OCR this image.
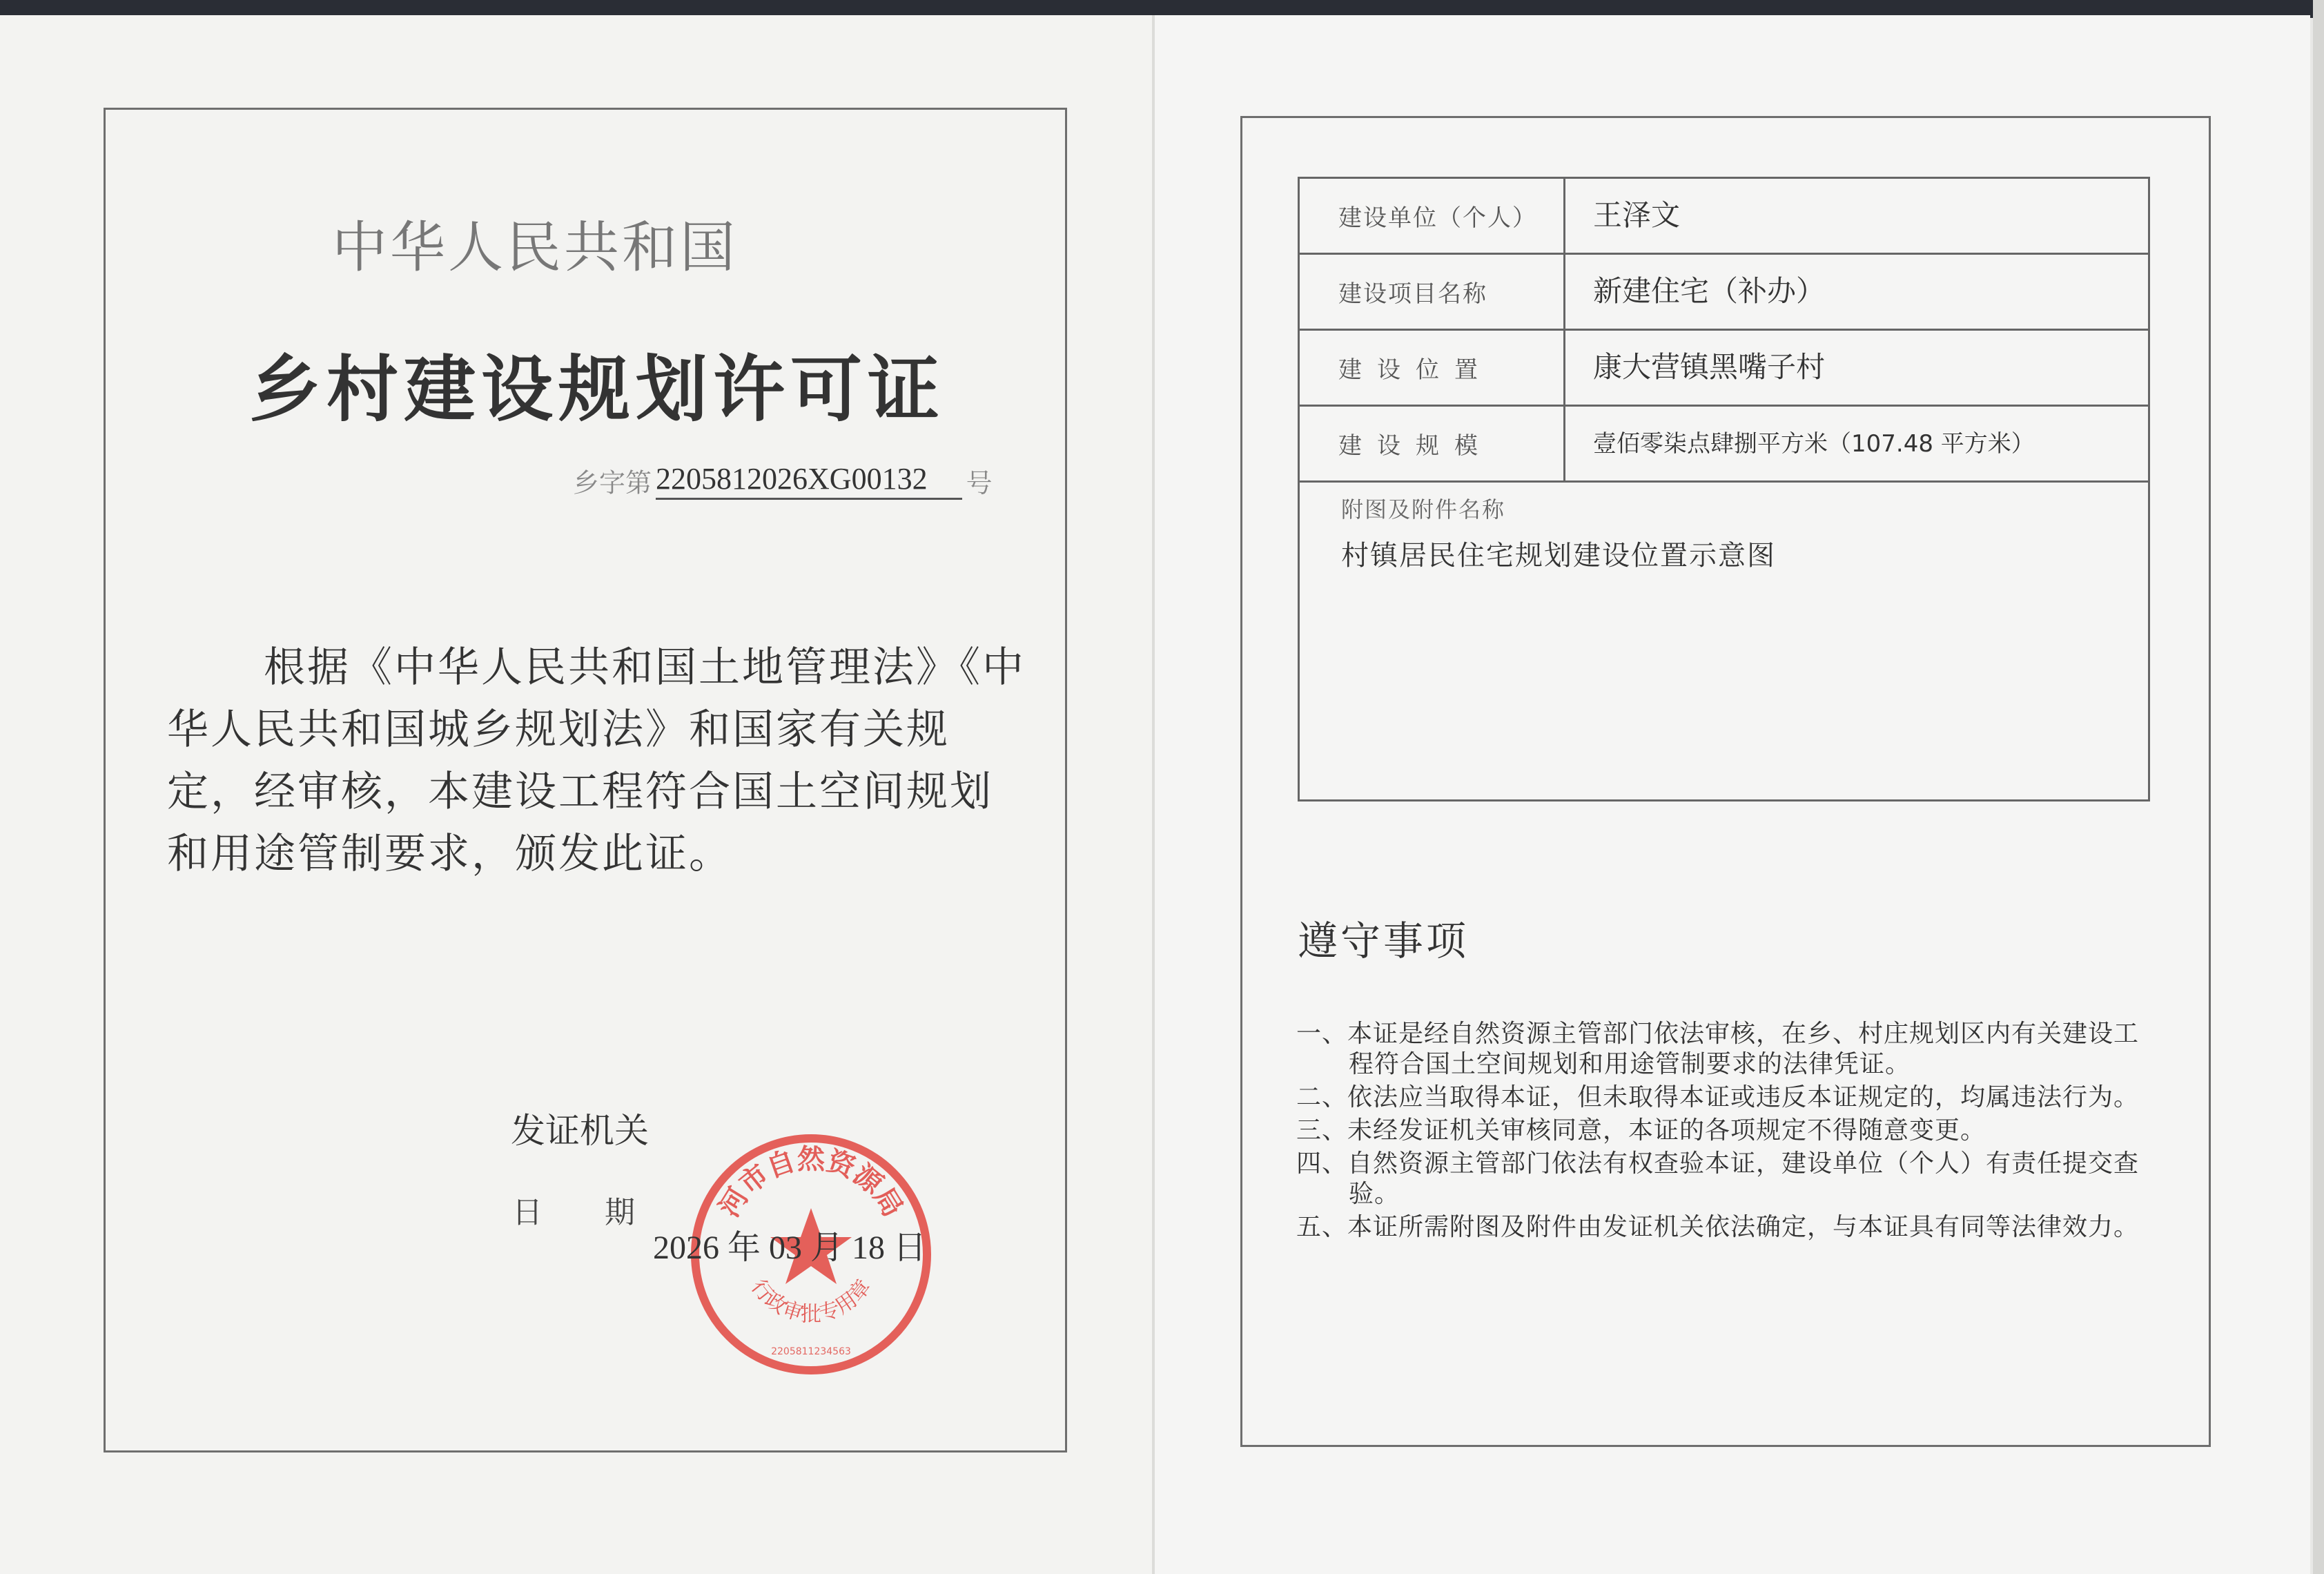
中华人民共和国
乡村建设规划许可证
乡字第 2205812026XG00132 号
根据《中华人民共和国土地管理法》《中华人民共和国城乡规划法》和国家有关规定，经审核，本建设工程符合国土空间规划和用途管制要求，颁发此证。
发证机关
日期 河市自然资源局
行政审批专用章
2205811234563
2026 年 03 月 18 日
建设单位（个人）	王泽文
建设项目名称	新建住宅（补办）
建设位置	康大营镇黑嘴子村
建设规模	壹佰零柒点肆捌平方米（107.48 平方米）

附图及附件名称
村镇居民住宅规划建设位置示意图	
遵守事项
一、本证是经自然资源主管部门依法审核，在乡、村庄规划区内有关建设工程符合国土空间规划和用途管制要求的法律凭证。
二、依法应当取得本证，但未取得本证或违反本证规定的，均属违法行为。
三、未经发证机关审核同意，本证的各项规定不得随意变更。
四、自然资源主管部门依法有权查验本证，建设单位（个人）有责任提交查验。
五、本证所需附图及附件由发证机关依法确定，与本证具有同等法律效力。
